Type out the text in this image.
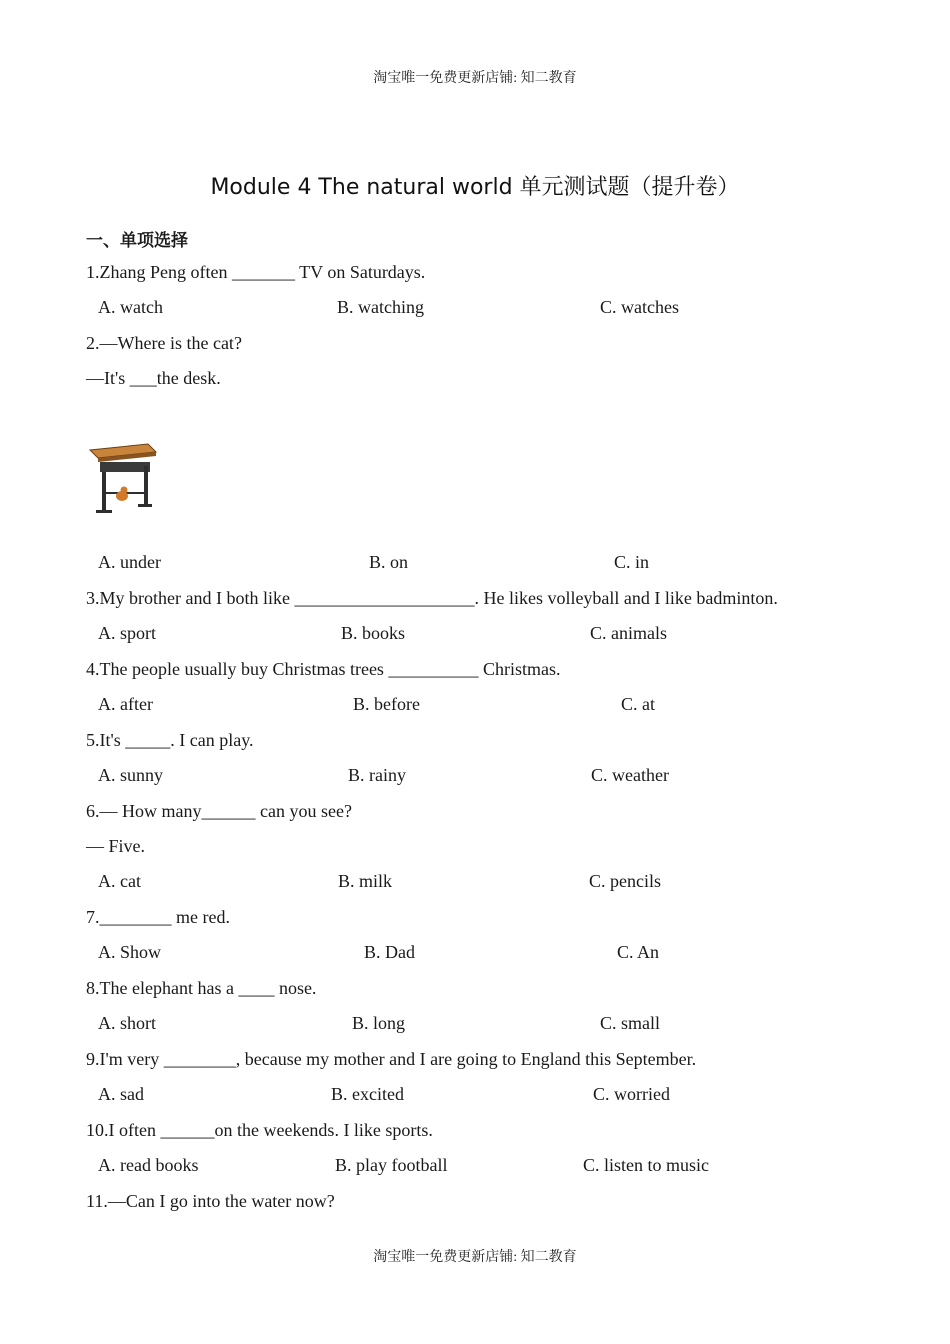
淘宝唯一免费更新店铺: 知二教育
Module 4 The natural world 单元测试题（提升卷）
一、单项选择
1.Zhang Peng often _______ TV on Saturdays.
A. watch	B. watching	C. watches
2.—Where is the cat?
—It's ___the desk.
A. under	B. on	C. in
3.My brother and I both like ____________________. He likes volleyball and I like badminton.
A. sport	B. books	C. animals
4.The people usually buy Christmas trees __________ Christmas.
A. after	B. before	C. at
5.It's _____. I can play.
A. sunny	B. rainy	C. weather
6.— How many______ can you see?
— Five.
A. cat	B. milk	C. pencils
7.________ me red.
A. Show	B. Dad	C. An
8.The elephant has a ____ nose.
A. short	B. long	C. small
9.I'm very ________, because my mother and I are going to England this September.
A. sad	B. excited	C. worried
10.I often ______on the weekends. I like sports.
A. read books	B. play football	C. listen to music
11.—Can I go into the water now?
淘宝唯一免费更新店铺: 知二教育
